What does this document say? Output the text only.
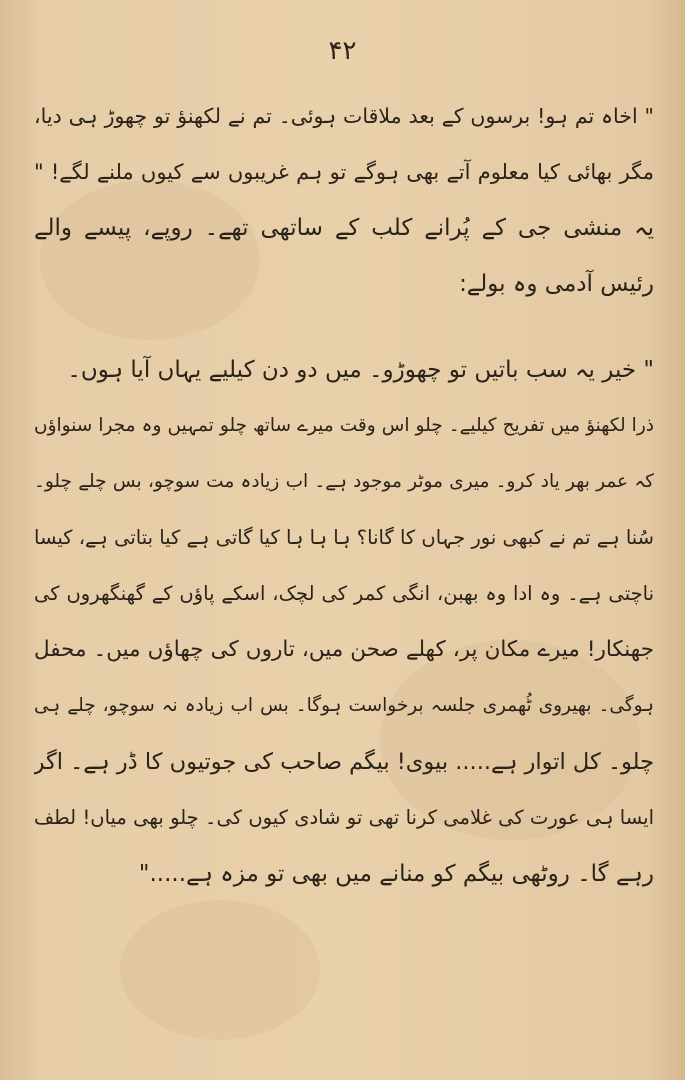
۴۲
" اخاہ تم ہو! برسوں کے بعد ملاقات ہوئی۔ تم نے لکھنؤ تو چھوڑ ہی دیا،
مگر بھائی کیا معلوم آتے بھی ہوگے تو ہم غریبوں سے کیوں ملنے لگے! "
یہ منشی جی کے پُرانے کلب کے ساتھی تھے۔ روپے، پیسے والے
رئیس آدمی وہ بولے:
" خیر یہ سب باتیں تو چھوڑو۔ میں دو دن کیلیے یہاں آیا ہوں۔
ذرا لکھنؤ میں تفریح کیلیے۔ چلو اس وقت میرے ساتھ چلو تمہیں وہ مجرا سنواؤں
کہ عمر بھر یاد کرو۔ میری موٹر موجود ہے۔ اب زیادہ مت سوچو، بس چلے چلو۔
سُنا ہے تم نے کبھی نور جہاں کا گانا؟ ہا ہا ہا کیا گاتی ہے کیا بتاتی ہے، کیسا
ناچتی ہے۔ وہ ادا وہ بھبن، انگی کمر کی لچک، اسکے پاؤں کے گھنگھروں کی
جھنکار! میرے مکان پر، کھلے صحن میں، تاروں کی چھاؤں میں۔ محفل
ہوگی۔ بھیروی ٹُھمری جلسہ برخواست ہوگا۔ بس اب زیادہ نہ سوچو، چلے ہی
چلو۔ کل اتوار ہے..... بیوی! بیگم صاحب کی جوتیوں کا ڈر ہے۔ اگر
ایسا ہی عورت کی غلامی کرنا تھی تو شادی کیوں کی۔ چلو بھی میاں! لطف
رہے گا۔ روٹھی بیگم کو منانے میں بھی تو مزہ ہے....."
